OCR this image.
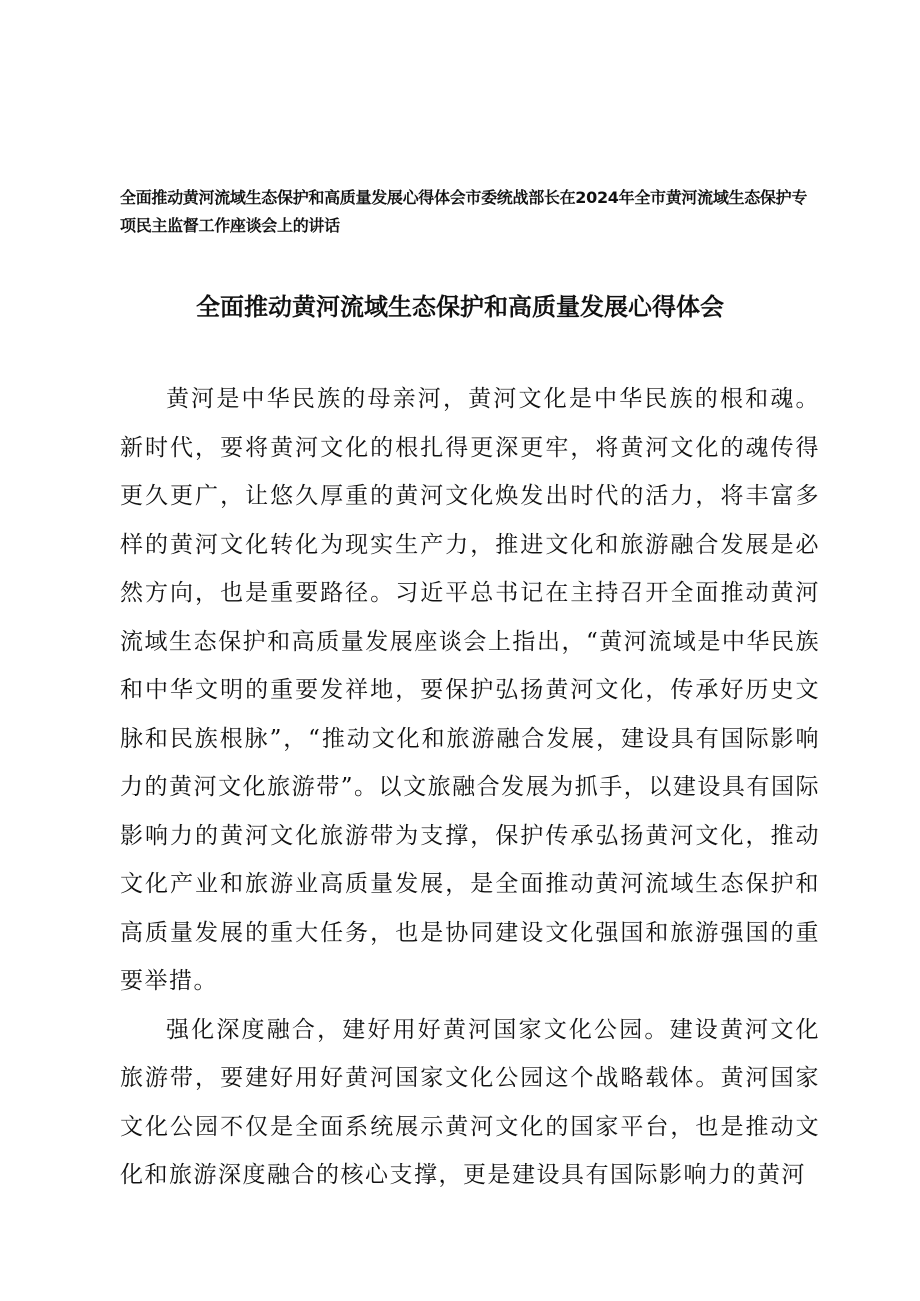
全面推动黄河流域生态保护和高质量发展心得体会市委统战部长在2024年全市黄河流域生态保护专项民主监督工作座谈会上的讲话
全面推动黄河流域生态保护和高质量发展心得体会

黄河是中华民族的母亲河，黄河文化是中华民族的根和魂。新时代，要将黄河文化的根扎得更深更牢，将黄河文化的魂传得更久更广，让悠久厚重的黄河文化焕发出时代的活力，将丰富多样的黄河文化转化为现实生产力，推进文化和旅游融合发展是必然方向，也是重要路径。习近平总书记在主持召开全面推动黄河流域生态保护和高质量发展座谈会上指出，“黄河流域是中华民族和中华文明的重要发祥地，要保护弘扬黄河文化，传承好历史文脉和民族根脉”，“推动文化和旅游融合发展，建设具有国际影响力的黄河文化旅游带”。以文旅融合发展为抓手，以建设具有国际影响力的黄河文化旅游带为支撑，保护传承弘扬黄河文化，推动文化产业和旅游业高质量发展，是全面推动黄河流域生态保护和高质量发展的重大任务，也是协同建设文化强国和旅游强国的重要举措。

强化深度融合，建好用好黄河国家文化公园。建设黄河文化旅游带，要建好用好黄河国家文化公园这个战略载体。黄河国家文化公园不仅是全面系统展示黄河文化的国家平台，也是推动文化和旅游深度融合的核心支撑，更是建设具有国际影响力的黄河
